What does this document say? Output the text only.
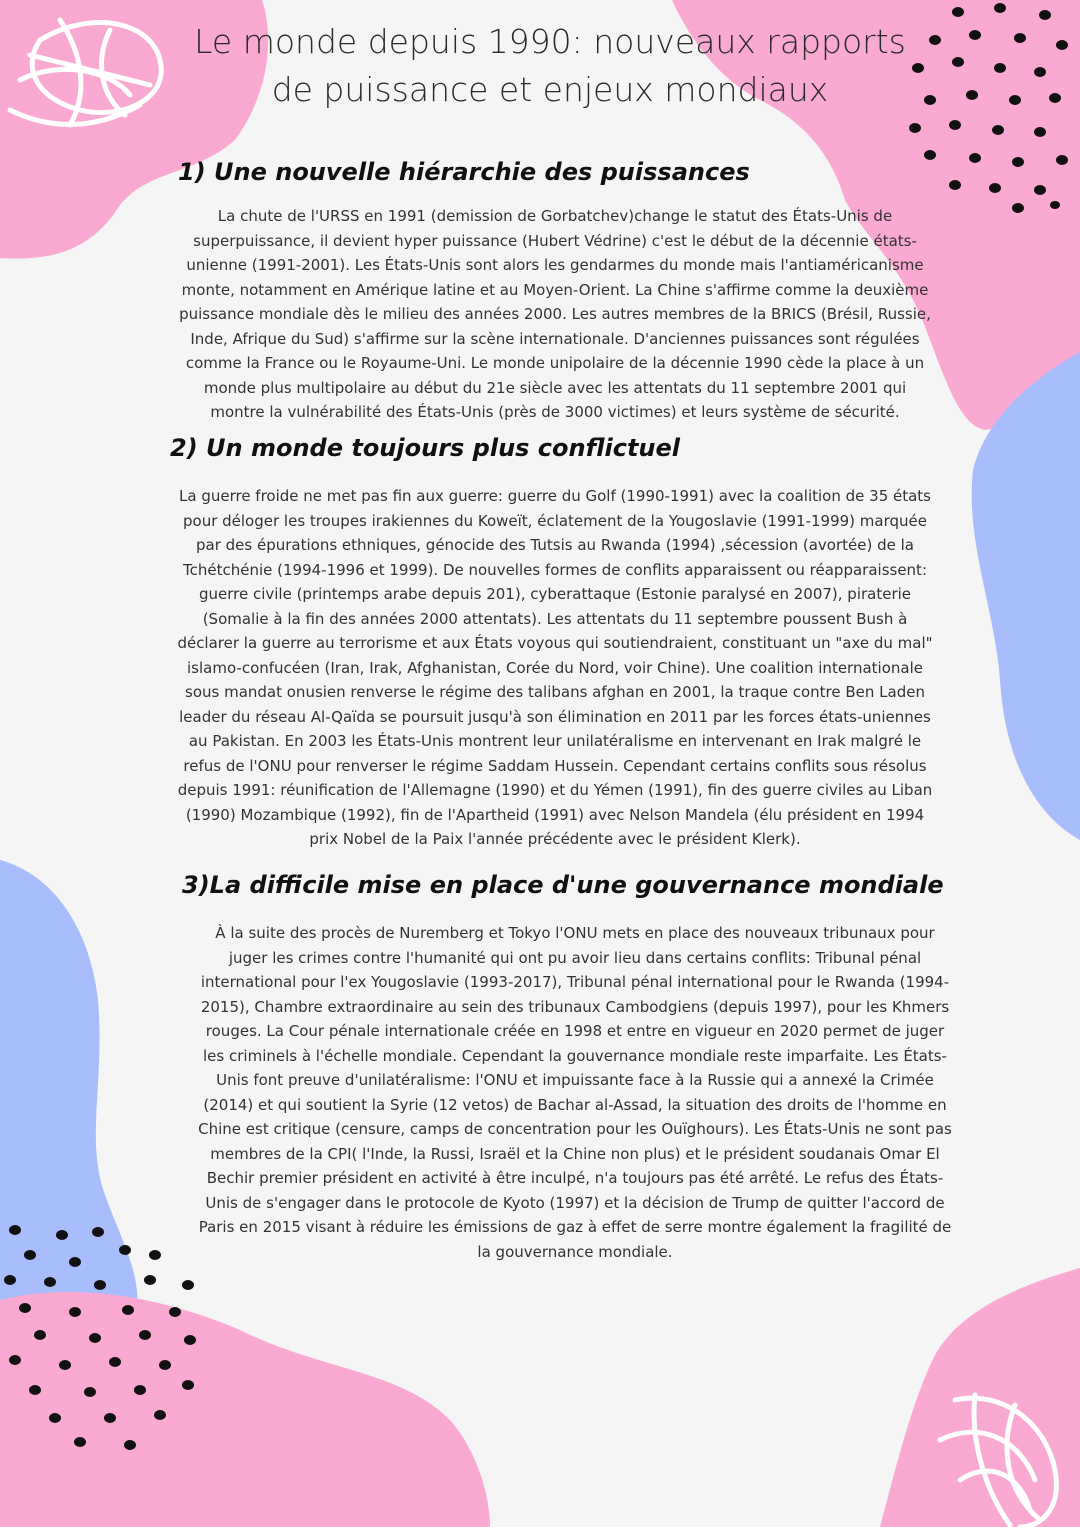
Le monde depuis 1990: nouveaux rapports
de puissance et enjeux mondiaux
1) Une nouvelle hiérarchie des puissances
La chute de l'URSS en 1991 (demission de Gorbatchev)change le statut des États-Unis de
superpuissance, il devient hyper puissance (Hubert Védrine) c'est le début de la décennie états-
unienne (1991-2001). Les États-Unis sont alors les gendarmes du monde mais l'antiaméricanisme
monte, notamment en Amérique latine et au Moyen-Orient. La Chine s'affirme comme la deuxième
puissance mondiale dès le milieu des années 2000. Les autres membres de la BRICS (Brésil, Russie,
Inde, Afrique du Sud) s'affirme sur la scène internationale. D'anciennes puissances sont régulées
comme la France ou le Royaume-Uni. Le monde unipolaire de la décennie 1990 cède la place à un
monde plus multipolaire au début du 21e siècle avec les attentats du 11 septembre 2001 qui
montre la vulnérabilité des États-Unis (près de 3000 victimes) et leurs système de sécurité.
2) Un monde toujours plus conflictuel
La guerre froide ne met pas fin aux guerre: guerre du Golf (1990-1991) avec la coalition de 35 états
pour déloger les troupes irakiennes du Koweït, éclatement de la Yougoslavie (1991-1999) marquée
par des épurations ethniques, génocide des Tutsis au Rwanda (1994) ,sécession (avortée) de la
Tchétchénie (1994-1996 et 1999). De nouvelles formes de conflits apparaissent ou réapparaissent:
guerre civile (printemps arabe depuis 201), cyberattaque (Estonie paralysé en 2007), piraterie
(Somalie à la fin des années 2000 attentats). Les attentats du 11 septembre poussent Bush à
déclarer la guerre au terrorisme et aux États voyous qui soutiendraient, constituant un "axe du mal"
islamo-confucéen (Iran, Irak, Afghanistan, Corée du Nord, voir Chine). Une coalition internationale
sous mandat onusien renverse le régime des talibans afghan en 2001, la traque contre Ben Laden
leader du réseau Al-Qaïda se poursuit jusqu'à son élimination en 2011 par les forces états-uniennes
au Pakistan. En 2003 les États-Unis montrent leur unilatéralisme en intervenant en Irak malgré le
refus de l'ONU pour renverser le régime Saddam Hussein. Cependant certains conflits sous résolus
depuis 1991: réunification de l'Allemagne (1990) et du Yémen (1991), fin des guerre civiles au Liban
(1990) Mozambique (1992), fin de l'Apartheid (1991) avec Nelson Mandela (élu président en 1994
prix Nobel de la Paix l'année précédente avec le président Klerk).
3)La difficile mise en place d'une gouvernance mondiale
À la suite des procès de Nuremberg et Tokyo l'ONU mets en place des nouveaux tribunaux pour
juger les crimes contre l'humanité qui ont pu avoir lieu dans certains conflits: Tribunal pénal
international pour l'ex Yougoslavie (1993-2017), Tribunal pénal international pour le Rwanda (1994-
2015), Chambre extraordinaire au sein des tribunaux Cambodgiens (depuis 1997), pour les Khmers
rouges. La Cour pénale internationale créée en 1998 et entre en vigueur en 2020 permet de juger
les criminels à l'échelle mondiale. Cependant la gouvernance mondiale reste imparfaite. Les États-
Unis font preuve d'unilatéralisme: l'ONU et impuissante face à la Russie qui a annexé la Crimée
(2014) et qui soutient la Syrie (12 vetos) de Bachar al-Assad, la situation des droits de l'homme en
Chine est critique (censure, camps de concentration pour les Ouïghours). Les États-Unis ne sont pas
membres de la CPI( l'Inde, la Russi, Israël et la Chine non plus) et le président soudanais Omar El
Bechir premier président en activité à être inculpé, n'a toujours pas été arrêté. Le refus des États-
Unis de s'engager dans le protocole de Kyoto (1997) et la décision de Trump de quitter l'accord de
Paris en 2015 visant à réduire les émissions de gaz à effet de serre montre également la fragilité de
la gouvernance mondiale.
